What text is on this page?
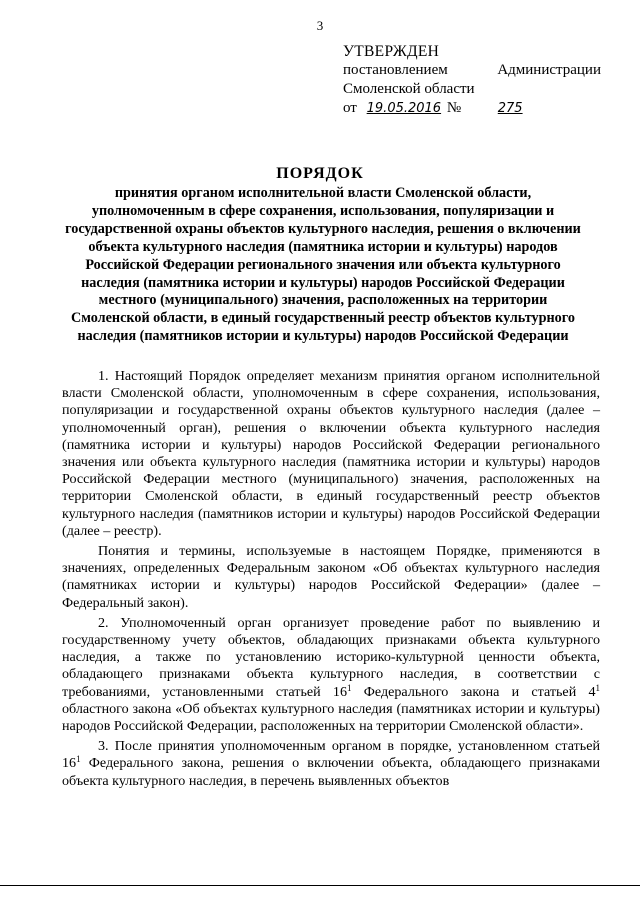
3
УТВЕРЖДЕН
постановлением	Администрации
Смоленской области
от 19.05.2016 №	275
ПОРЯДОК
принятия органом исполнительной власти Смоленской области, уполномоченным в сфере сохранения, использования, популяризации и государственной охраны объектов культурного наследия, решения о включении объекта культурного наследия (памятника истории и культуры) народов Российской Федерации регионального значения или объекта культурного наследия (памятника истории и культуры) народов Российской Федерации местного (муниципального) значения, расположенных на территории Смоленской области, в единый государственный реестр объектов культурного наследия (памятников истории и культуры) народов Российской Федерации

1. Настоящий Порядок определяет механизм принятия органом исполнительной власти Смоленской области, уполномоченным в сфере сохранения, использования, популяризации и государственной охраны объектов культурного наследия (далее – уполномоченный орган), решения о включении объекта культурного наследия (памятника истории и культуры) народов Российской Федерации регионального значения или объекта культурного наследия (памятника истории и культуры) народов Российской Федерации местного (муниципального) значения, расположенных на территории Смоленской области, в единый государственный реестр объектов культурного наследия (памятников истории и культуры) народов Российской Федерации (далее – реестр).

Понятия и термины, используемые в настоящем Порядке, применяются в значениях, определенных Федеральным законом «Об объектах культурного наследия (памятниках истории и культуры) народов Российской Федерации» (далее – Федеральный закон).

2. Уполномоченный орган организует проведение работ по выявлению и государственному учету объектов, обладающих признаками объекта культурного наследия, а также по установлению историко-культурной ценности объекта, обладающего признаками объекта культурного наследия, в соответствии с требованиями, установленными статьей $16^1$ Федерального закона и статьей $4^1$ областного закона «Об объектах культурного наследия (памятниках истории и культуры) народов Российской Федерации, расположенных на территории Смоленской области».

3. После принятия уполномоченным органом в порядке, установленном статьей $16^1$ Федерального закона, решения о включении объекта, обладающего признаками объекта культурного наследия, в перечень выявленных объектов
